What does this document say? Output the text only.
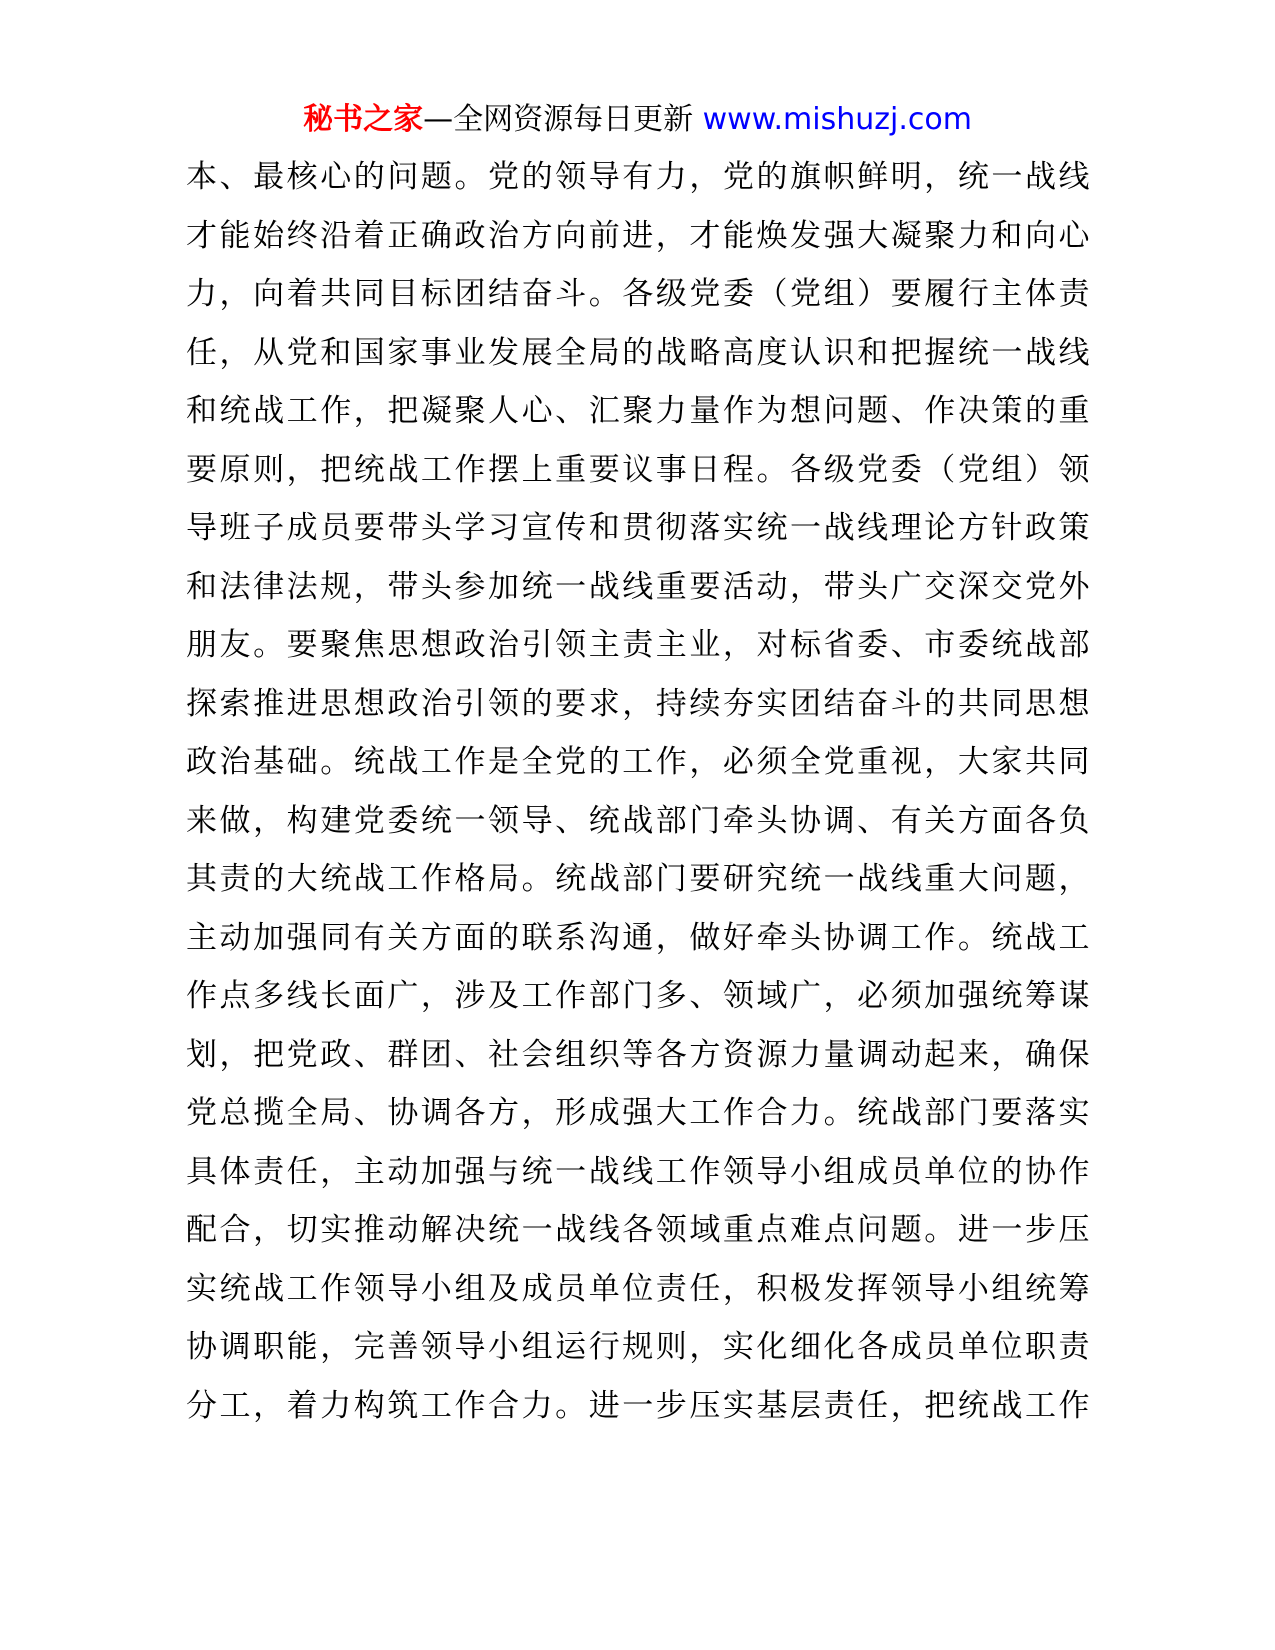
秘书之家—全网资源每日更新 www.mishuzj.com
本、最核心的问题。党的领导有力，党的旗帜鲜明，统一战线
才能始终沿着正确政治方向前进，才能焕发强大凝聚力和向心
力，向着共同目标团结奋斗。各级党委（党组）要履行主体责
任，从党和国家事业发展全局的战略高度认识和把握统一战线
和统战工作，把凝聚人心、汇聚力量作为想问题、作决策的重
要原则，把统战工作摆上重要议事日程。各级党委（党组）领
导班子成员要带头学习宣传和贯彻落实统一战线理论方针政策
和法律法规，带头参加统一战线重要活动，带头广交深交党外
朋友。要聚焦思想政治引领主责主业，对标省委、市委统战部
探索推进思想政治引领的要求，持续夯实团结奋斗的共同思想
政治基础。统战工作是全党的工作，必须全党重视，大家共同
来做，构建党委统一领导、统战部门牵头协调、有关方面各负
其责的大统战工作格局。统战部门要研究统一战线重大问题，
主动加强同有关方面的联系沟通，做好牵头协调工作。统战工
作点多线长面广，涉及工作部门多、领域广，必须加强统筹谋
划，把党政、群团、社会组织等各方资源力量调动起来，确保
党总揽全局、协调各方，形成强大工作合力。统战部门要落实
具体责任，主动加强与统一战线工作领导小组成员单位的协作
配合，切实推动解决统一战线各领域重点难点问题。进一步压
实统战工作领导小组及成员单位责任，积极发挥领导小组统筹
协调职能，完善领导小组运行规则，实化细化各成员单位职责
分工，着力构筑工作合力。进一步压实基层责任，把统战工作
